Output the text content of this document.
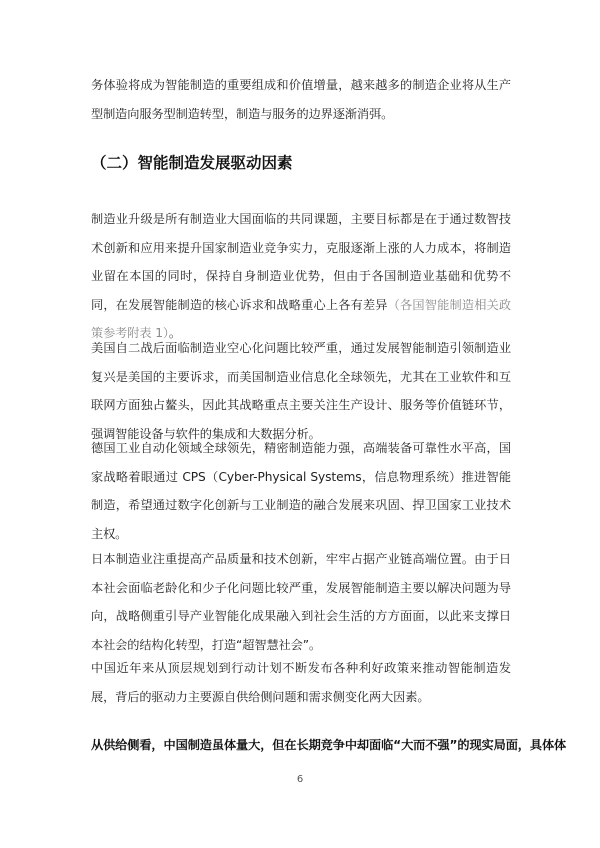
务体验将成为智能制造的重要组成和价值增量，越来越多的制造企业将从生产型制造向服务型制造转型，制造与服务的边界逐渐消弭。

（二）智能制造发展驱动因素

制造业升级是所有制造业大国面临的共同课题，主要目标都是在于通过数智技术创新和应用来提升国家制造业竞争实力，克服逐渐上涨的人力成本，将制造业留在本国的同时，保持自身制造业优势，但由于各国制造业基础和优势不同，在发展智能制造的核心诉求和战略重心上各有差异（各国智能制造相关政策参考附表 1）。

美国自二战后面临制造业空心化问题比较严重，通过发展智能制造引领制造业复兴是美国的主要诉求，而美国制造业信息化全球领先，尤其在工业软件和互联网方面独占鳌头，因此其战略重点主要关注生产设计、服务等价值链环节，强调智能设备与软件的集成和大数据分析。

德国工业自动化领域全球领先，精密制造能力强，高端装备可靠性水平高，国家战略着眼通过 CPS（Cyber-Physical Systems，信息物理系统）推进智能制造，希望通过数字化创新与工业制造的融合发展来巩固、捍卫国家工业技术主权。

日本制造业注重提高产品质量和技术创新，牢牢占据产业链高端位置。由于日本社会面临老龄化和少子化问题比较严重，发展智能制造主要以解决问题为导向，战略侧重引导产业智能化成果融入到社会生活的方方面面，以此来支撑日本社会的结构化转型，打造“超智慧社会”。

中国近年来从顶层规划到行动计划不断发布各种利好政策来推动智能制造发展，背后的驱动力主要源自供给侧问题和需求侧变化两大因素。

从供给侧看，中国制造虽体量大，但在长期竞争中却面临“大而不强”的现实局面，具体体

6
